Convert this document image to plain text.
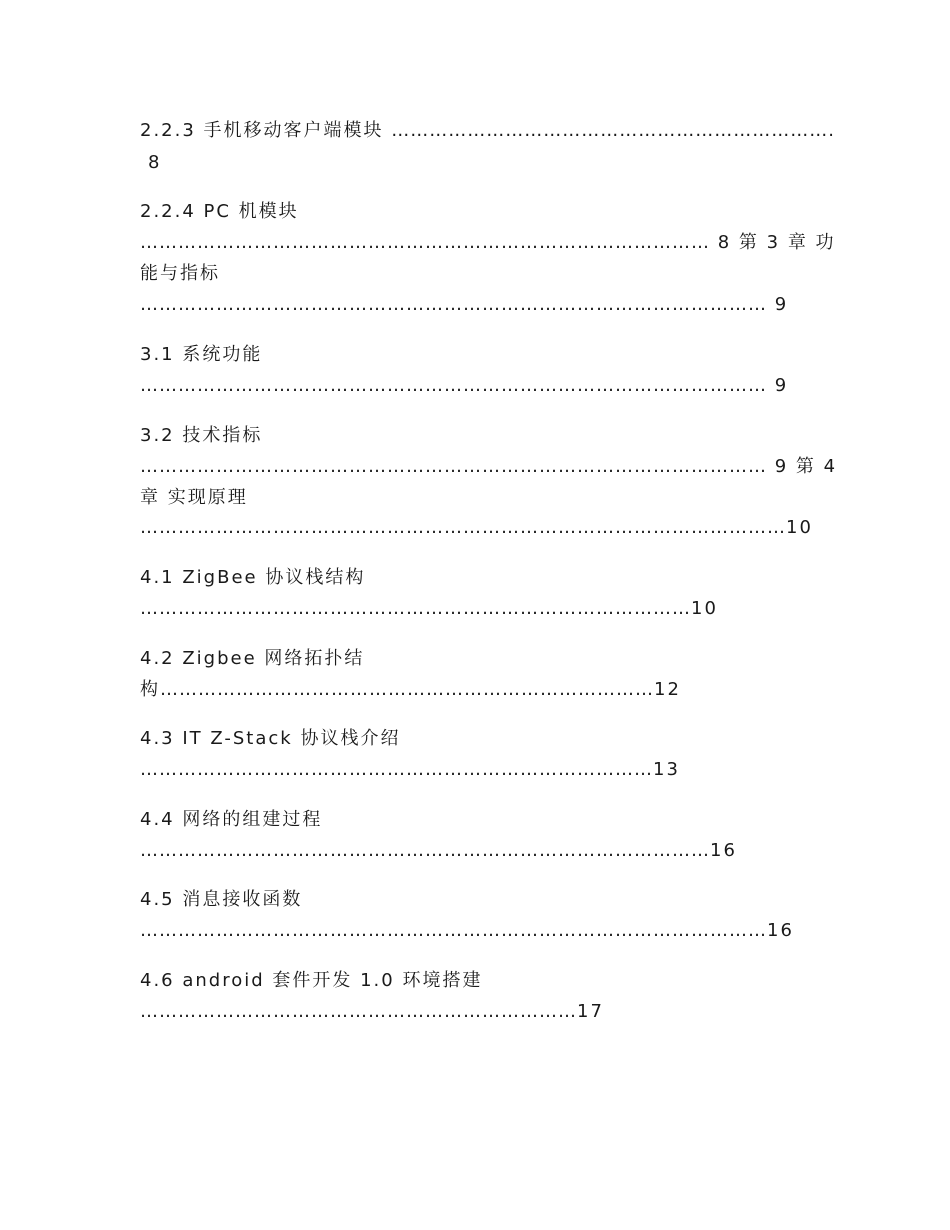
2.2.3 手机移动客户端模块 …………………………………………………………….
8
2.2.4 PC 机模块
……………………………………………………………………………… 8 第 3 章 功
能与指标
……………………………………………………………………………………… 9
3.1 系统功能
……………………………………………………………………………………… 9
3.2 技术指标
……………………………………………………………………………………… 9 第 4
章 实现原理
…………………………………………………………………………………………10
4.1 ZigBee 协议栈结构
……………………………………………………………………………10
4.2 Zigbee 网络拓扑结
构……………………………………………………………………12
4.3 IT Z-Stack 协议栈介绍
………………………………………………………………………13
4.4 网络的组建过程
………………………………………………………………………………16
4.5 消息接收函数
………………………………………………………………………………………16
4.6 android 套件开发 1.0 环境搭建
……………………………………………………………17
